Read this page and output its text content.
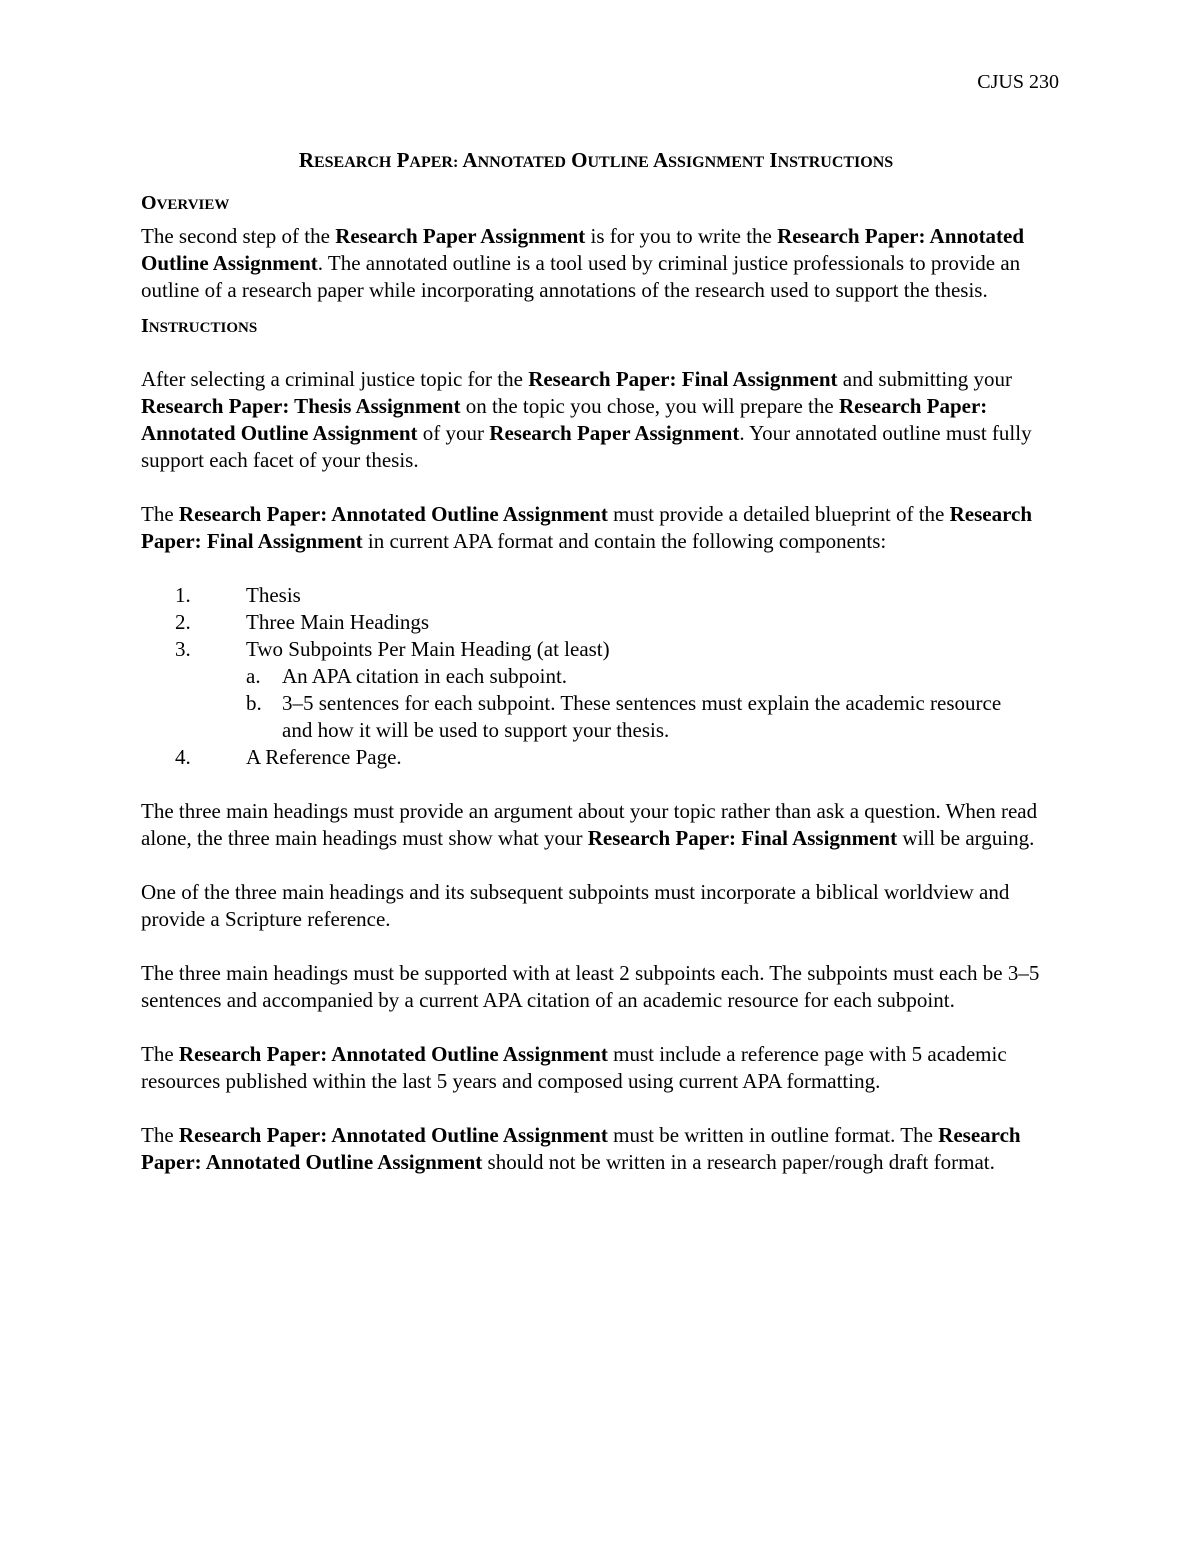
CJUS 230
RESEARCH PAPER: ANNOTATED OUTLINE ASSIGNMENT INSTRUCTIONS
OVERVIEW

The second step of the Research Paper Assignment is for you to write the Research Paper: Annotated Outline Assignment. The annotated outline is a tool used by criminal justice professionals to provide an outline of a research paper while incorporating annotations of the research used to support the thesis.

INSTRUCTIONS

After selecting a criminal justice topic for the Research Paper: Final Assignment and submitting your Research Paper: Thesis Assignment on the topic you chose, you will prepare the Research Paper: Annotated Outline Assignment of your Research Paper Assignment. Your annotated outline must fully support each facet of your thesis.

The Research Paper: Annotated Outline Assignment must provide a detailed blueprint of the Research Paper: Final Assignment in current APA format and contain the following components:

1.	Thesis
2.	Three Main Headings
3.	Two Subpoints Per Main Heading (at least)
a.	An APA citation in each subpoint.
b. 3–5 sentences for each subpoint. These sentences must explain the academic resource and how it will be used to support your thesis.
4.	A Reference Page.

The three main headings must provide an argument about your topic rather than ask a question. When read alone, the three main headings must show what your Research Paper: Final Assignment will be arguing.

One of the three main headings and its subsequent subpoints must incorporate a biblical worldview and provide a Scripture reference.

The three main headings must be supported with at least 2 subpoints each. The subpoints must each be 3–5 sentences and accompanied by a current APA citation of an academic resource for each subpoint.

The Research Paper: Annotated Outline Assignment must include a reference page with 5 academic resources published within the last 5 years and composed using current APA formatting.

The Research Paper: Annotated Outline Assignment must be written in outline format. The Research Paper: Annotated Outline Assignment should not be written in a research paper/rough draft format.
